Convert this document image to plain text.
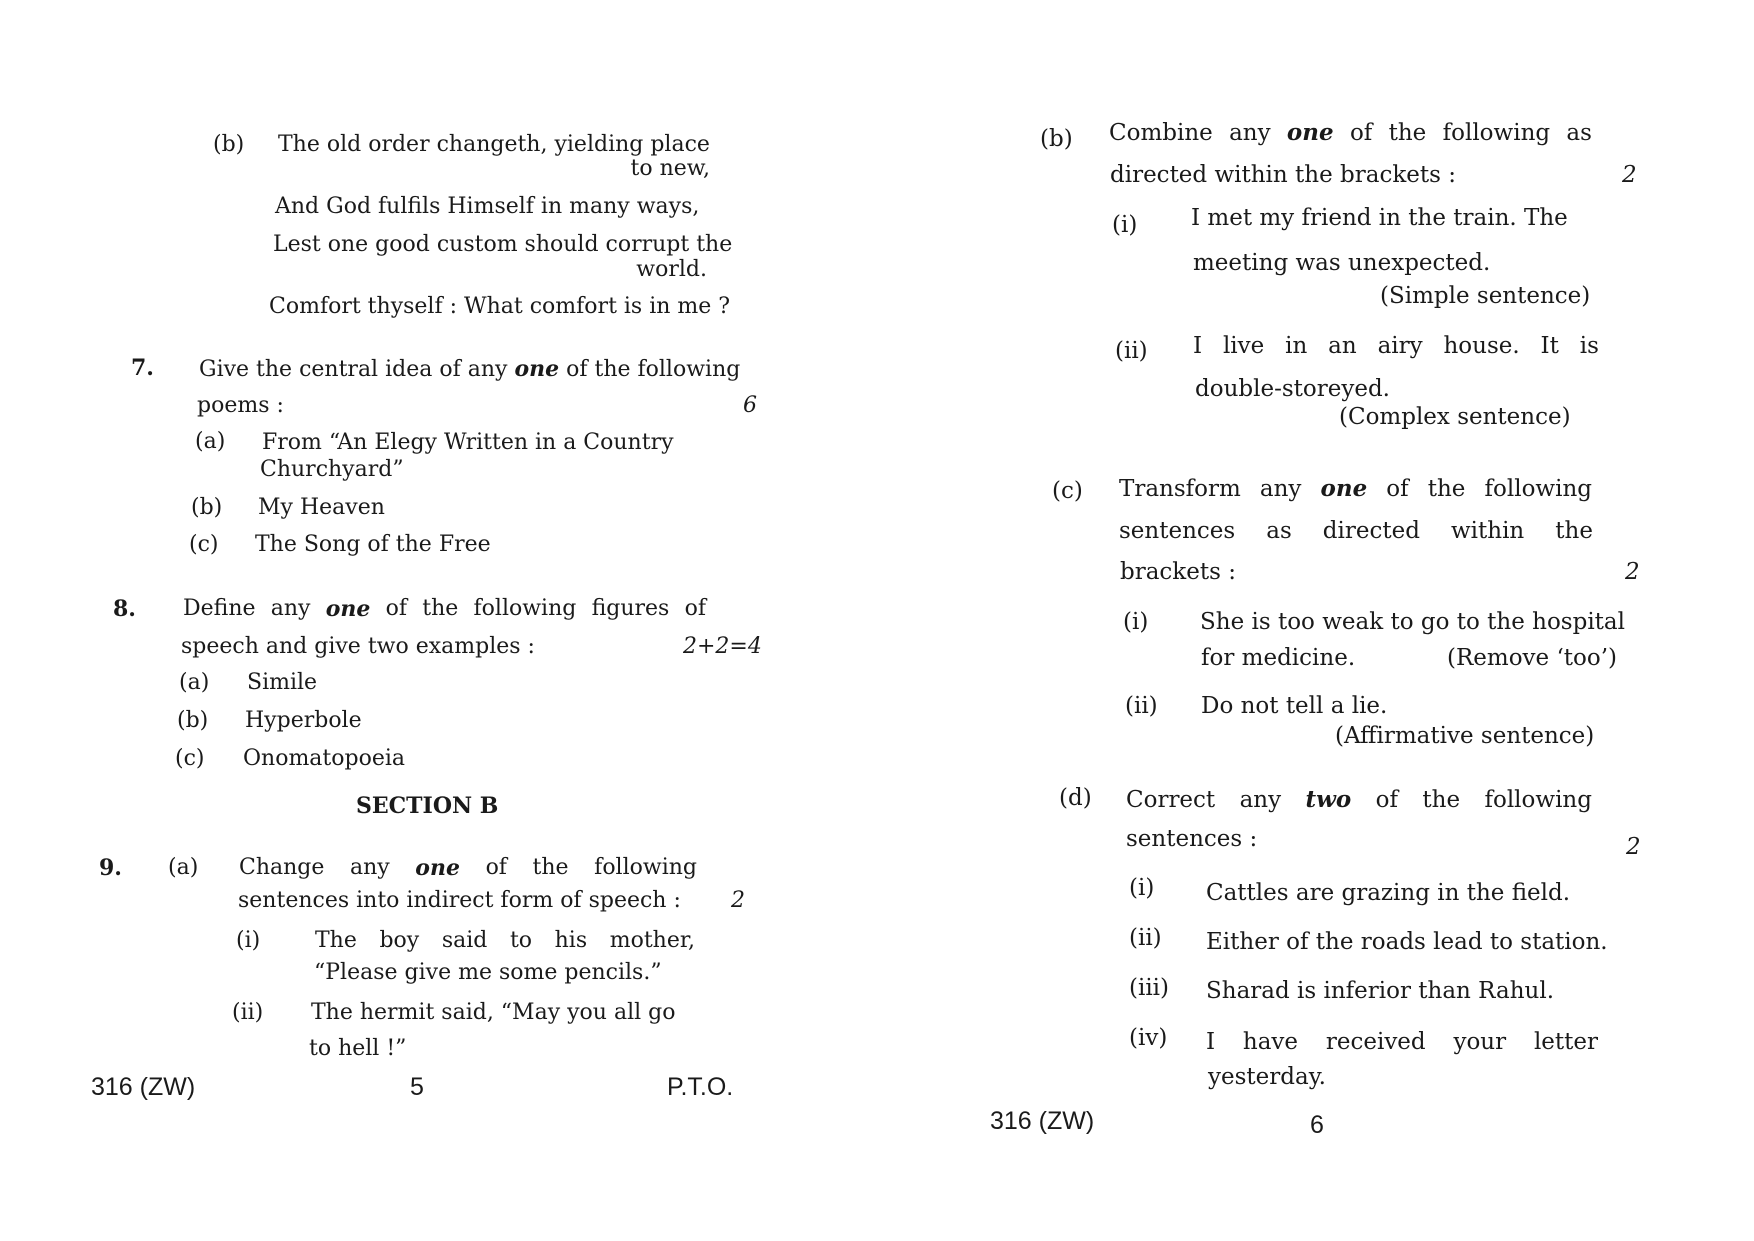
(b) The old order changeth, yielding place
to new,
And God fulfils Himself in many ways,
Lest one good custom should corrupt the
world.
Comfort thyself : What comfort is in me ?
7. Give the central idea of any one of the following
poems :	6
(a) From “An Elegy Written in a Country
Churchyard”
(b) My Heaven
(c) The Song of the Free
8. Define any one of the following figures of
speech and give two examples :	2+2=4
(a) Simile
(b) Hyperbole
(c) Onomatopoeia
SECTION B
9. (a) Change any one of the following
sentences into indirect form of speech : 2
(i) The boy said to his mother,
“Please give me some pencils.”
(ii) The hermit said, “May you all go
to hell !”
316 (ZW)	5	P.T.O.
(b) Combine any one of the following as
directed within the brackets :	2
(i) I met my friend in the train. The
meeting was unexpected.
(Simple sentence)
(ii) I live in an airy house. It is
double-storeyed.
(Complex sentence)
(c) Transform any one of the following
sentences as directed within the
brackets :	2
(i) She is too weak to go to the hospital
for medicine.	(Remove ‘too’)
(ii) Do not tell a lie.
(Affirmative sentence)
(d) Correct any two of the following
sentences :	2
(i) Cattles are grazing in the field.
(ii) Either of the roads lead to station.
(iii) Sharad is inferior than Rahul.
(iv) I have received your letter
yesterday.
316 (ZW)	6
